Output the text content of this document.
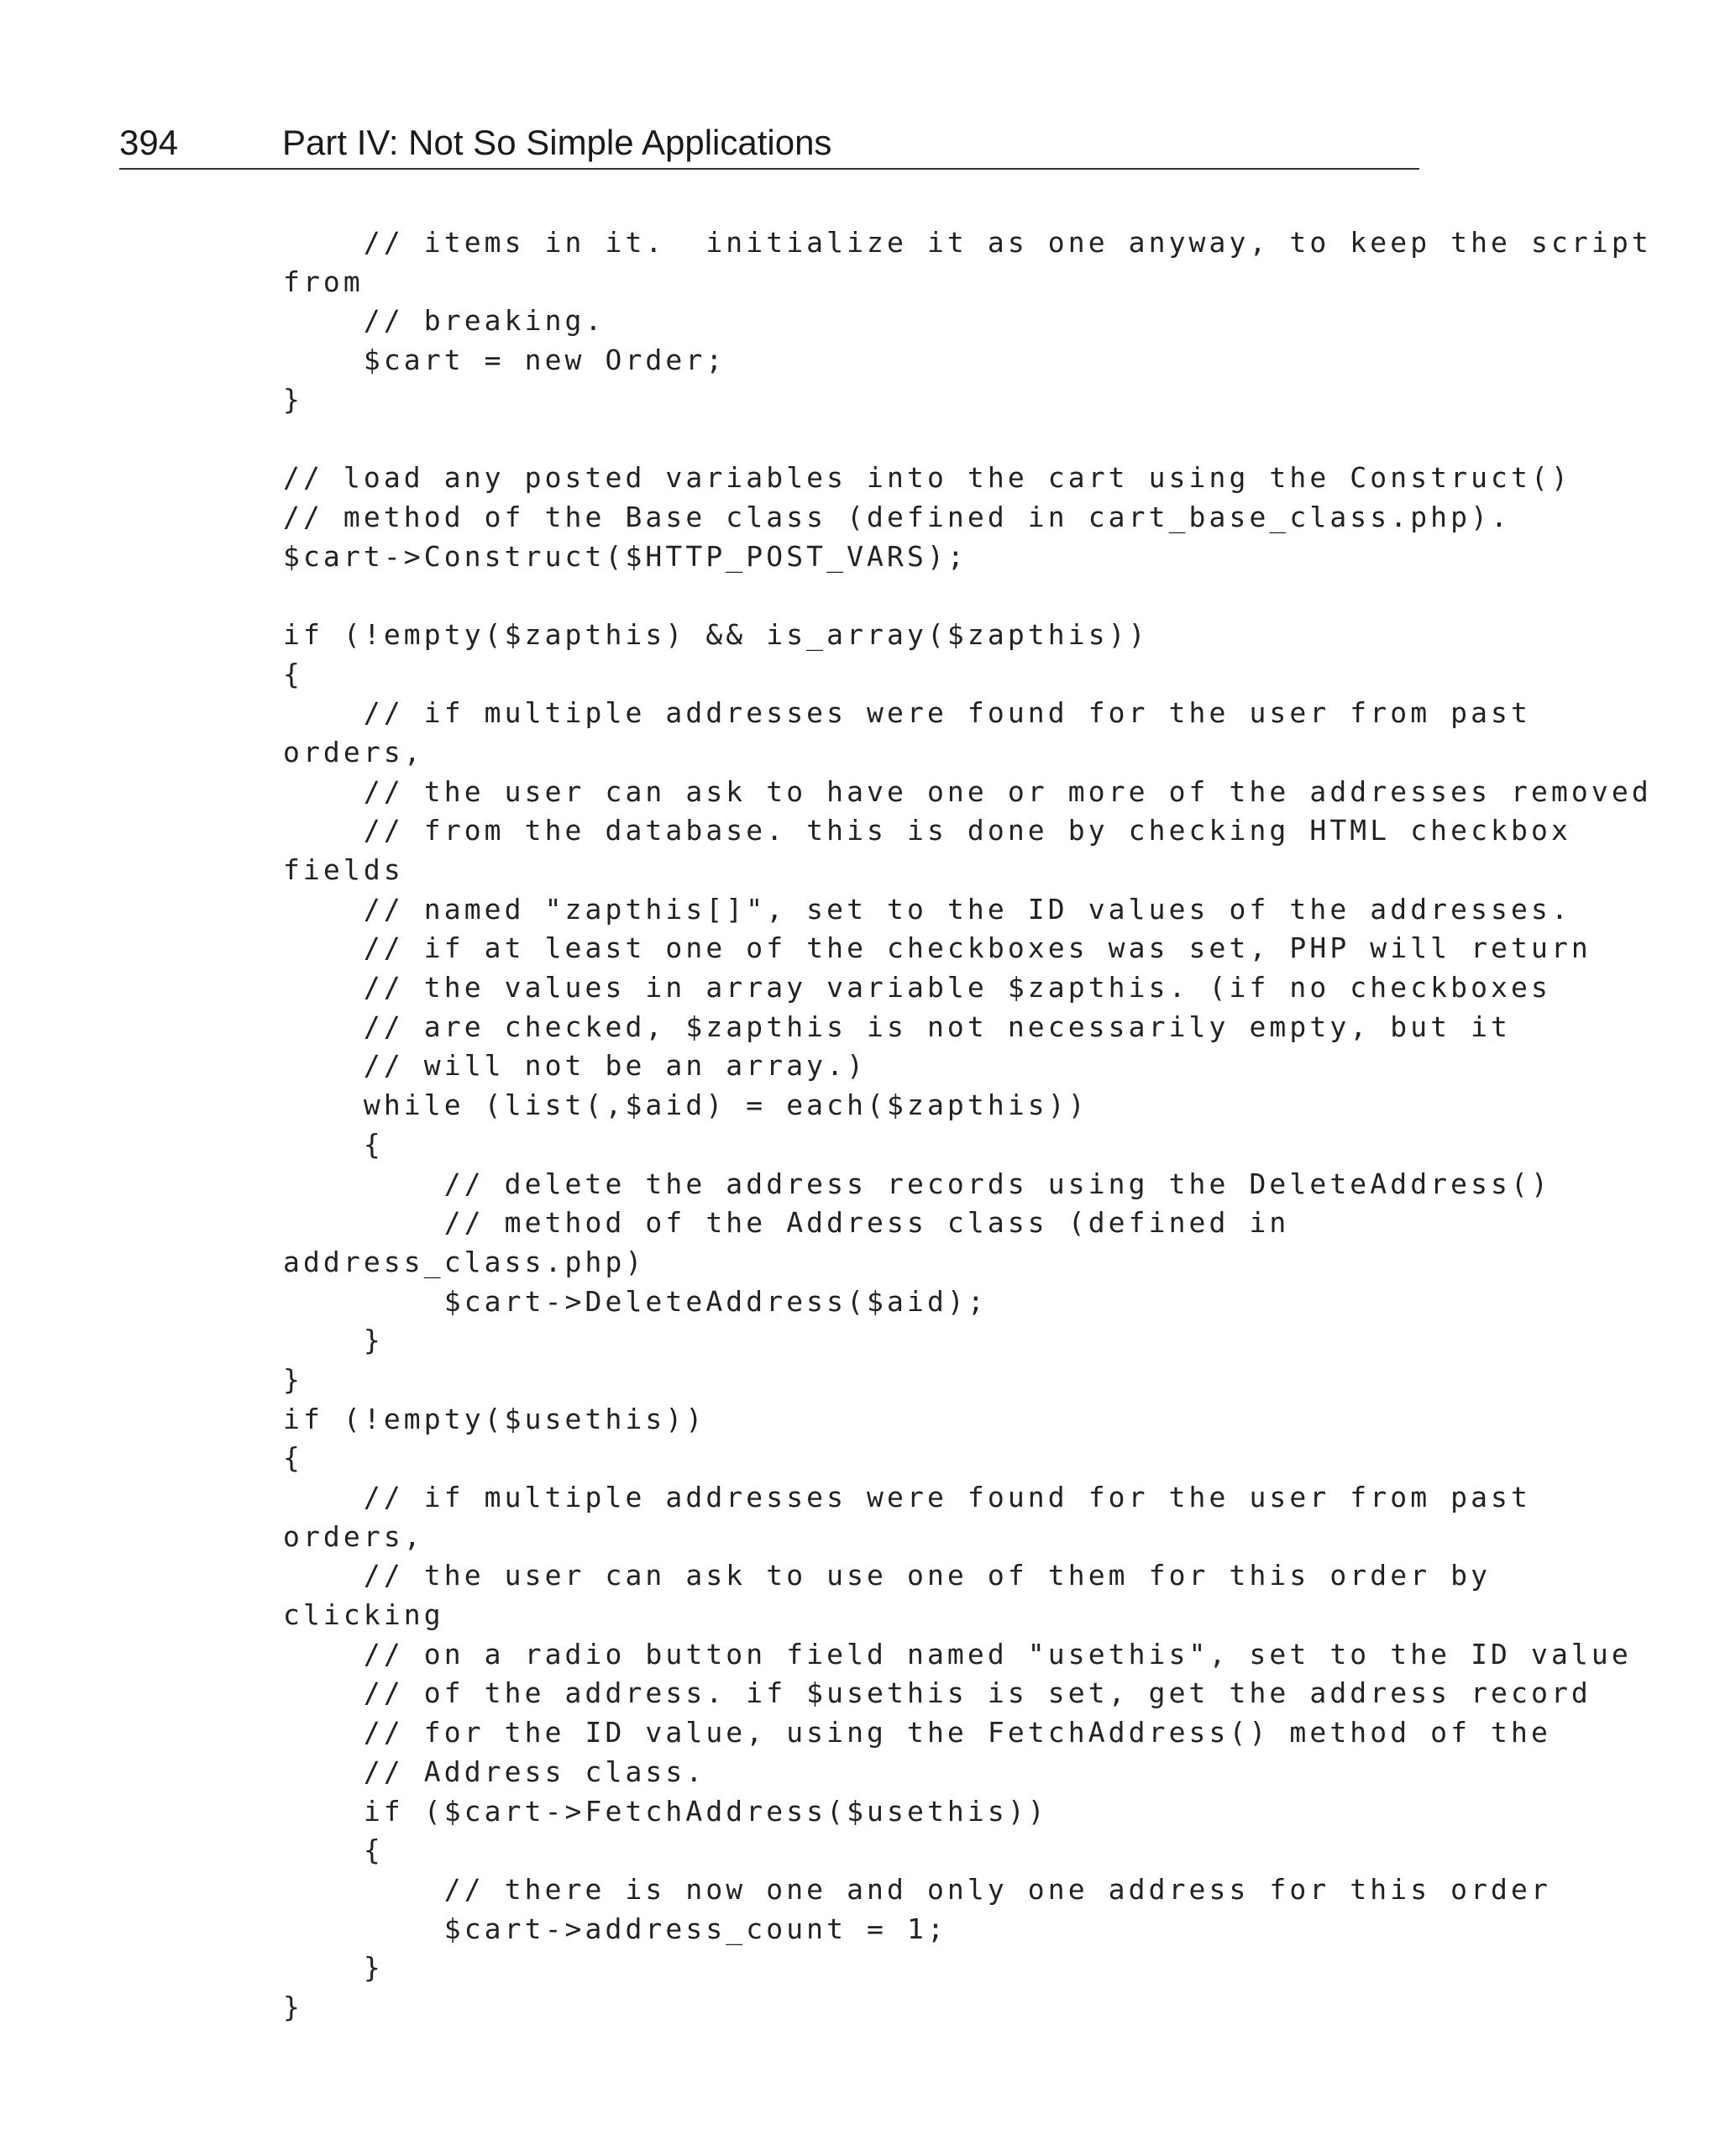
394	Part IV: Not So Simple Applications
// items in it.  initialize it as one anyway, to keep the script
from
// breaking.
$cart = new Order;
}
// load any posted variables into the cart using the Construct()
// method of the Base class (defined in cart_base_class.php).
$cart->Construct($HTTP_POST_VARS);
if (!empty($zapthis) && is_array($zapthis))
{
// if multiple addresses were found for the user from past
orders,
// the user can ask to have one or more of the addresses removed
// from the database. this is done by checking HTML checkbox
fields
// named "zapthis[]", set to the ID values of the addresses.
// if at least one of the checkboxes was set, PHP will return
// the values in array variable $zapthis. (if no checkboxes
// are checked, $zapthis is not necessarily empty, but it
// will not be an array.)
while (list(,$aid) = each($zapthis))
{
// delete the address records using the DeleteAddress()
// method of the Address class (defined in
address_class.php)
$cart->DeleteAddress($aid);
}
}
if (!empty($usethis))
{
// if multiple addresses were found for the user from past
orders,
// the user can ask to use one of them for this order by
clicking
// on a radio button field named "usethis", set to the ID value
// of the address. if $usethis is set, get the address record
// for the ID value, using the FetchAddress() method of the
// Address class.
if ($cart->FetchAddress($usethis))
{
// there is now one and only one address for this order
$cart->address_count = 1;
}
}
